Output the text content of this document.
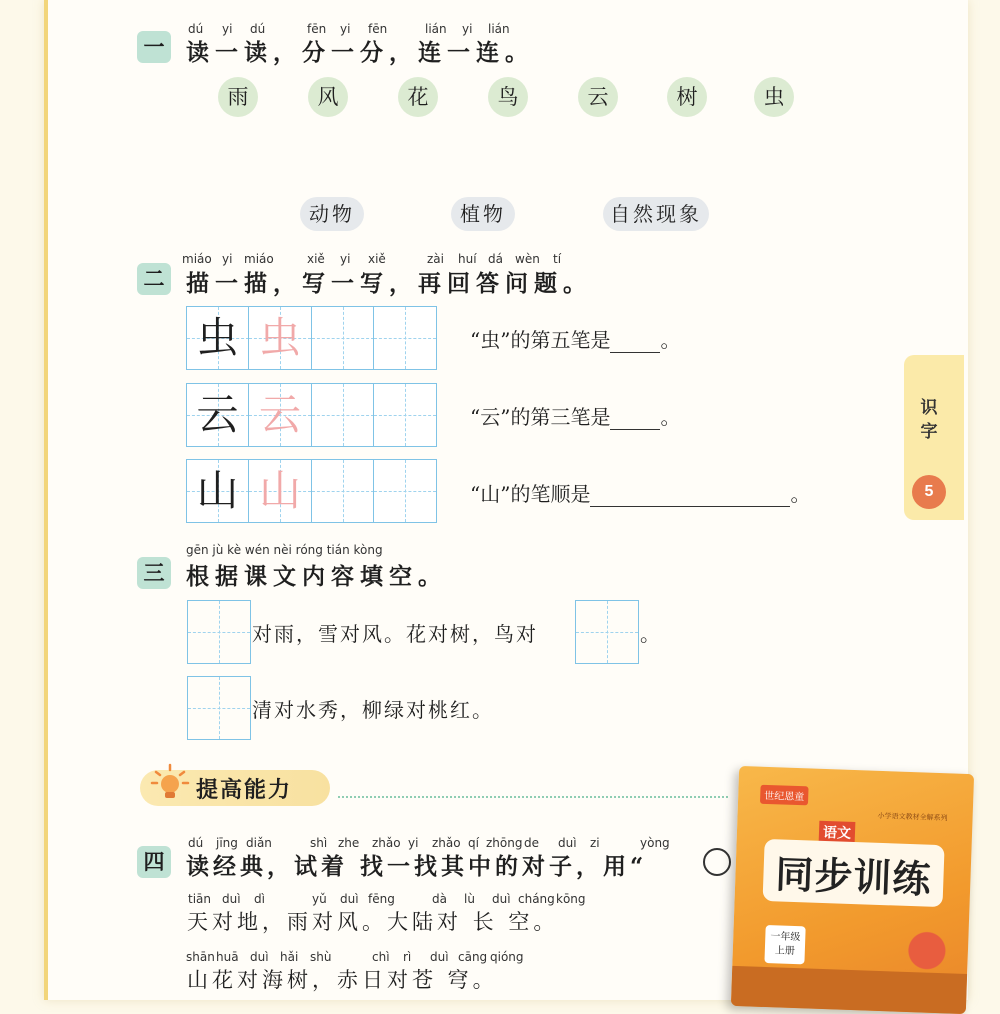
识
字
5
一
dú yi dú	fēn yi fēn	lián yi lián
读一读，分一分，连一连。
雨	风	花	鸟	云	树	虫
动物	植物	自然现象
二
miáo yi miáo	xiě yi xiě	zài huí dá wèn tí
描一描，写一写，再回答问题。
虫 虫	“虫”的第五笔是	。
云 云	“云”的第三笔是	。
山 山	“山”的笔顺是	。
三
gēn jù kè wén nèi róng tián kòng
根据课文内容填空。
对雨，雪对风。花对树，鸟对	。
清对水秀，柳绿对桃红。
提高能力
四
dú jīng diǎn	shì zhe zhǎo yi zhǎo qí zhōng de duì zi	yòng
读经典，试着 找一找其中的对子，用“
tiān duì dì	yǔ duì fēng	dà lù duì cháng kōng
天对地，雨对风。大陆对 长 空。
shān huā duì hǎi shù	chì rì duì cāng qióng
山花对海树，赤日对苍 穹。
世纪恩童
小学语文教材全解系列
语文
同步训练
一年级
上册
